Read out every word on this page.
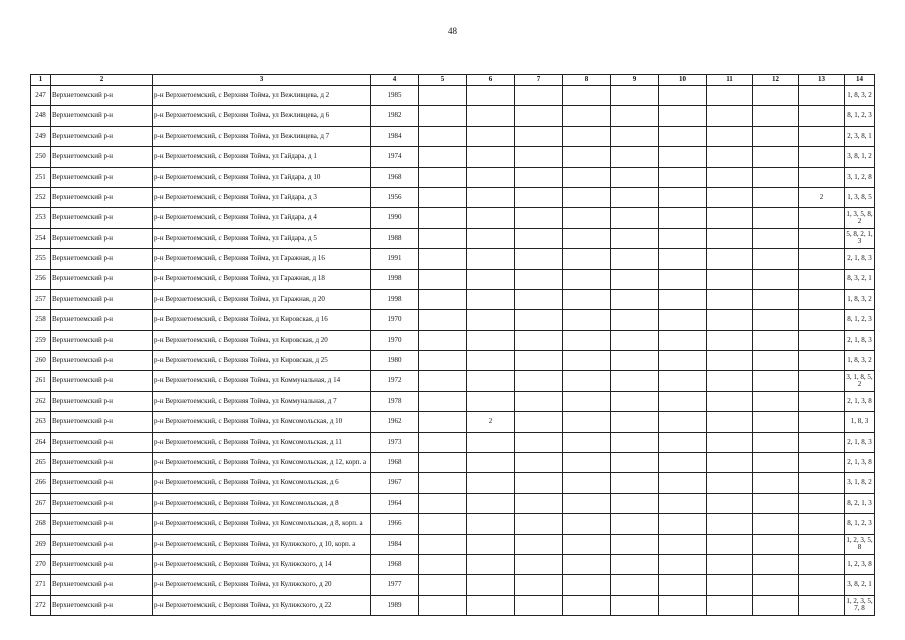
48
1	2	3	4	5	6	7	8	9	10	11	12	13	14
247	Верхнетоемский р-н	р-н Верхнетоемский, с Верхняя Тойма, ул Вежливцева, д 2	1985										1, 8, 3, 2
248	Верхнетоемский р-н	р-н Верхнетоемский, с Верхняя Тойма, ул Вежливцева, д 6	1982										8, 1, 2, 3
249	Верхнетоемский р-н	р-н Верхнетоемский, с Верхняя Тойма, ул Вежливцева, д 7	1984										2, 3, 8, 1
250	Верхнетоемский р-н	р-н Верхнетоемский, с Верхняя Тойма, ул Гайдара, д 1	1974										3, 8, 1, 2
251	Верхнетоемский р-н	р-н Верхнетоемский, с Верхняя Тойма, ул Гайдара, д 10	1968										3, 1, 2, 8
252	Верхнетоемский р-н	р-н Верхнетоемский, с Верхняя Тойма, ул Гайдара, д 3	1956									2	1, 3, 8, 5
253	Верхнетоемский р-н	р-н Верхнетоемский, с Верхняя Тойма, ул Гайдара, д 4	1990										1, 3, 5, 8, 2
254	Верхнетоемский р-н	р-н Верхнетоемский, с Верхняя Тойма, ул Гайдара, д 5	1988										5, 8, 2, 1, 3
255	Верхнетоемский р-н	р-н Верхнетоемский, с Верхняя Тойма, ул Гаражная, д 16	1991										2, 1, 8, 3
256	Верхнетоемский р-н	р-н Верхнетоемский, с Верхняя Тойма, ул Гаражная, д 18	1998										8, 3, 2, 1
257	Верхнетоемский р-н	р-н Верхнетоемский, с Верхняя Тойма, ул Гаражная, д 20	1998										1, 8, 3, 2
258	Верхнетоемский р-н	р-н Верхнетоемский, с Верхняя Тойма, ул Кировская, д 16	1970										8, 1, 2, 3
259	Верхнетоемский р-н	р-н Верхнетоемский, с Верхняя Тойма, ул Кировская, д 20	1970										2, 1, 8, 3
260	Верхнетоемский р-н	р-н Верхнетоемский, с Верхняя Тойма, ул Кировская, д 25	1980										1, 8, 3, 2
261	Верхнетоемский р-н	р-н Верхнетоемский, с Верхняя Тойма, ул Коммунальная, д 14	1972										3, 1, 8, 5, 2
262	Верхнетоемский р-н	р-н Верхнетоемский, с Верхняя Тойма, ул Коммунальная, д 7	1978										2, 1, 3, 8
263	Верхнетоемский р-н	р-н Верхнетоемский, с Верхняя Тойма, ул Комсомольская, д 10	1962		2								1, 8, 3
264	Верхнетоемский р-н	р-н Верхнетоемский, с Верхняя Тойма, ул Комсомольская, д 11	1973										2, 1, 8, 3
265	Верхнетоемский р-н	р-н Верхнетоемский, с Верхняя Тойма, ул Комсомольская, д 12, корп. а	1968										2, 1, 3, 8
266	Верхнетоемский р-н	р-н Верхнетоемский, с Верхняя Тойма, ул Комсомольская, д 6	1967										3, 1, 8, 2
267	Верхнетоемский р-н	р-н Верхнетоемский, с Верхняя Тойма, ул Комсомольская, д 8	1964										8, 2, 1, 3
268	Верхнетоемский р-н	р-н Верхнетоемский, с Верхняя Тойма, ул Комсомольская, д 8, корп. а	1966										8, 1, 2, 3
269	Верхнетоемский р-н	р-н Верхнетоемский, с Верхняя Тойма, ул Кулижского, д 10, корп. а	1984										1, 2, 3, 5, 8
270	Верхнетоемский р-н	р-н Верхнетоемский, с Верхняя Тойма, ул Кулижского, д 14	1968										1, 2, 3, 8
271	Верхнетоемский р-н	р-н Верхнетоемский, с Верхняя Тойма, ул Кулижского, д 20	1977										3, 8, 2, 1
272	Верхнетоемский р-н	р-н Верхнетоемский, с Верхняя Тойма, ул Кулижского, д 22	1989										1, 2, 3, 5, 7, 8
